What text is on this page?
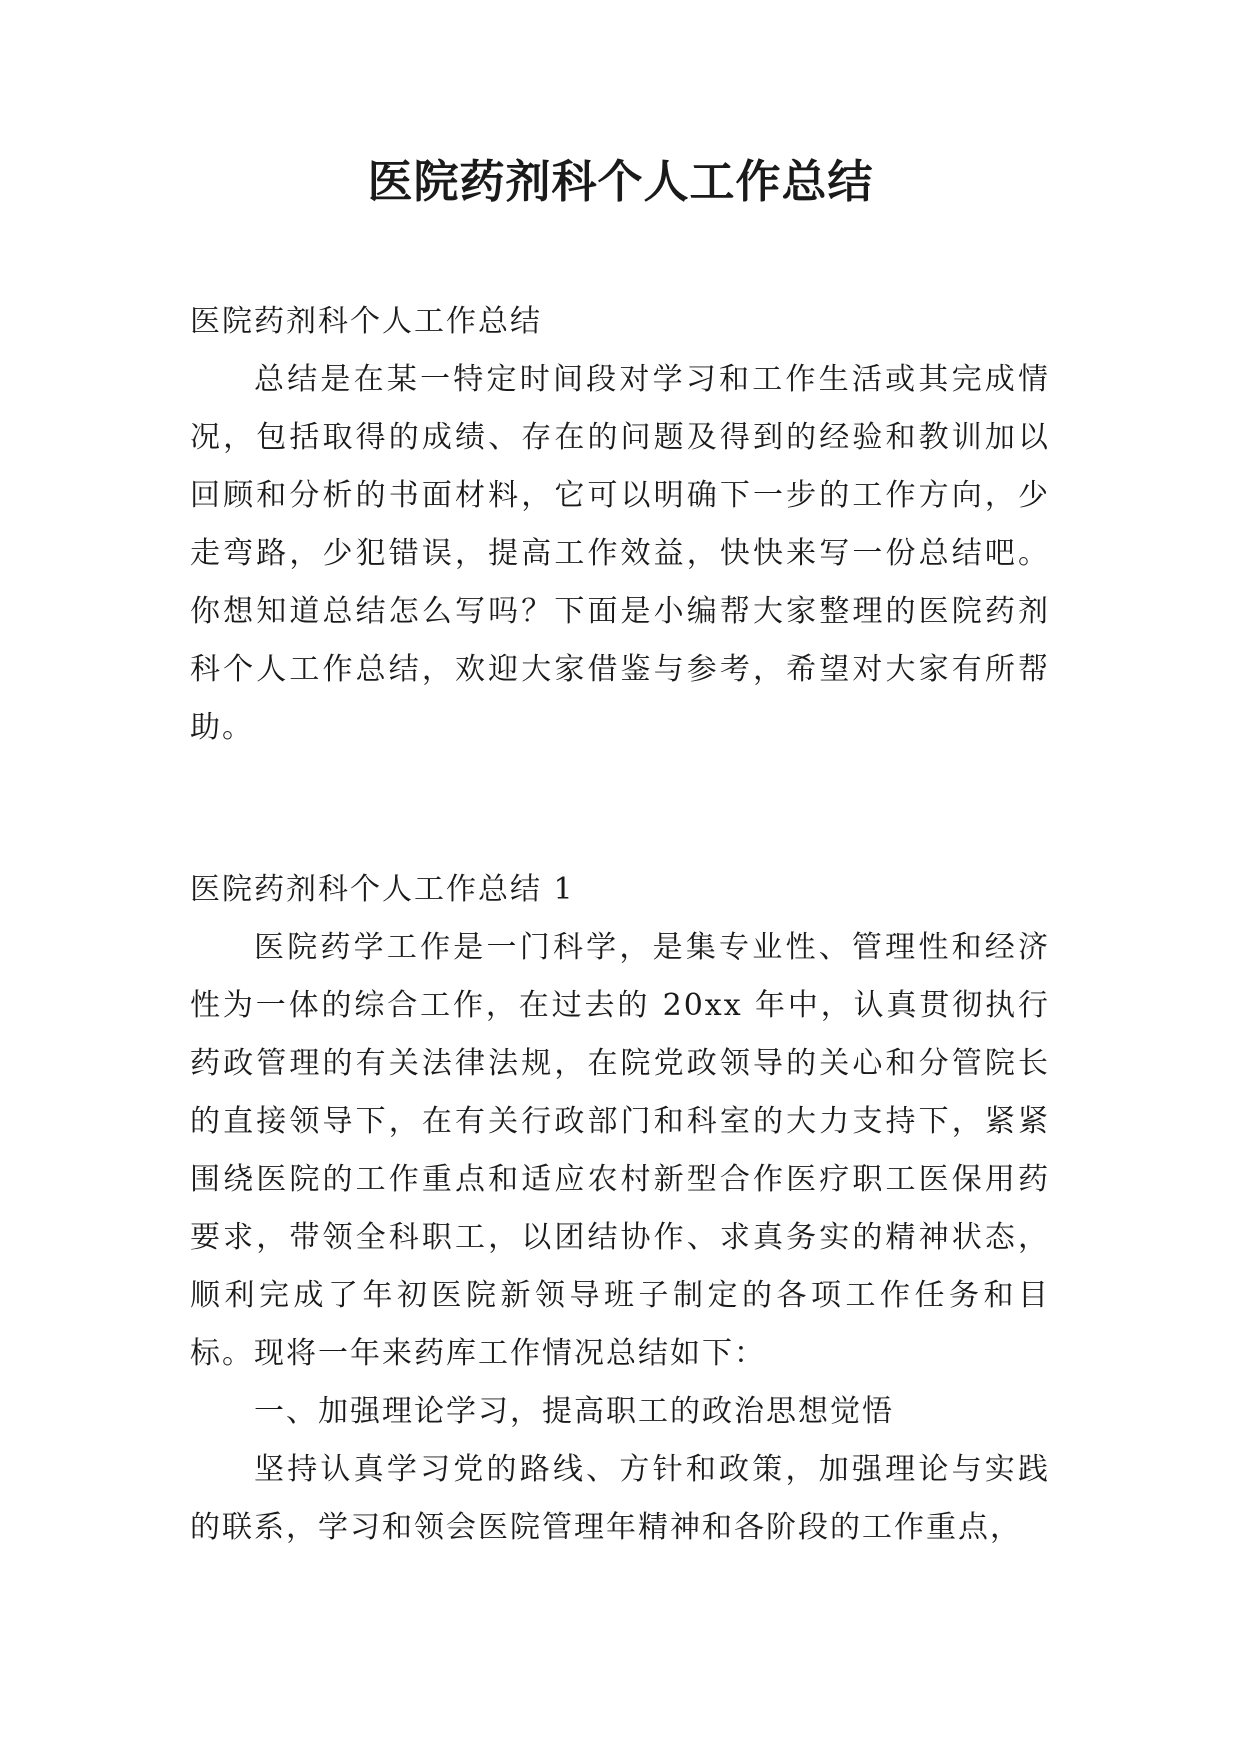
医院药剂科个人工作总结
医院药剂科个人工作总结
总结是在某一特定时间段对学习和工作生活或其完成情况，包括取得的成绩、存在的问题及得到的经验和教训加以回顾和分析的书面材料，它可以明确下一步的工作方向，少走弯路，少犯错误，提高工作效益，快快来写一份总结吧。你想知道总结怎么写吗？下面是小编帮大家整理的医院药剂科个人工作总结，欢迎大家借鉴与参考，希望对大家有所帮助。
医院药剂科个人工作总结 1
医院药学工作是一门科学，是集专业性、管理性和经济性为一体的综合工作，在过去的 20xx 年中，认真贯彻执行药政管理的有关法律法规，在院党政领导的关心和分管院长的直接领导下，在有关行政部门和科室的大力支持下，紧紧围绕医院的工作重点和适应农村新型合作医疗职工医保用药要求，带领全科职工，以团结协作、求真务实的精神状态，顺利完成了年初医院新领导班子制定的各项工作任务和目标。现将一年来药库工作情况总结如下：
一、加强理论学习，提高职工的政治思想觉悟
坚持认真学习党的路线、方针和政策，加强理论与实践的联系，学习和领会医院管理年精神和各阶段的工作重点，
